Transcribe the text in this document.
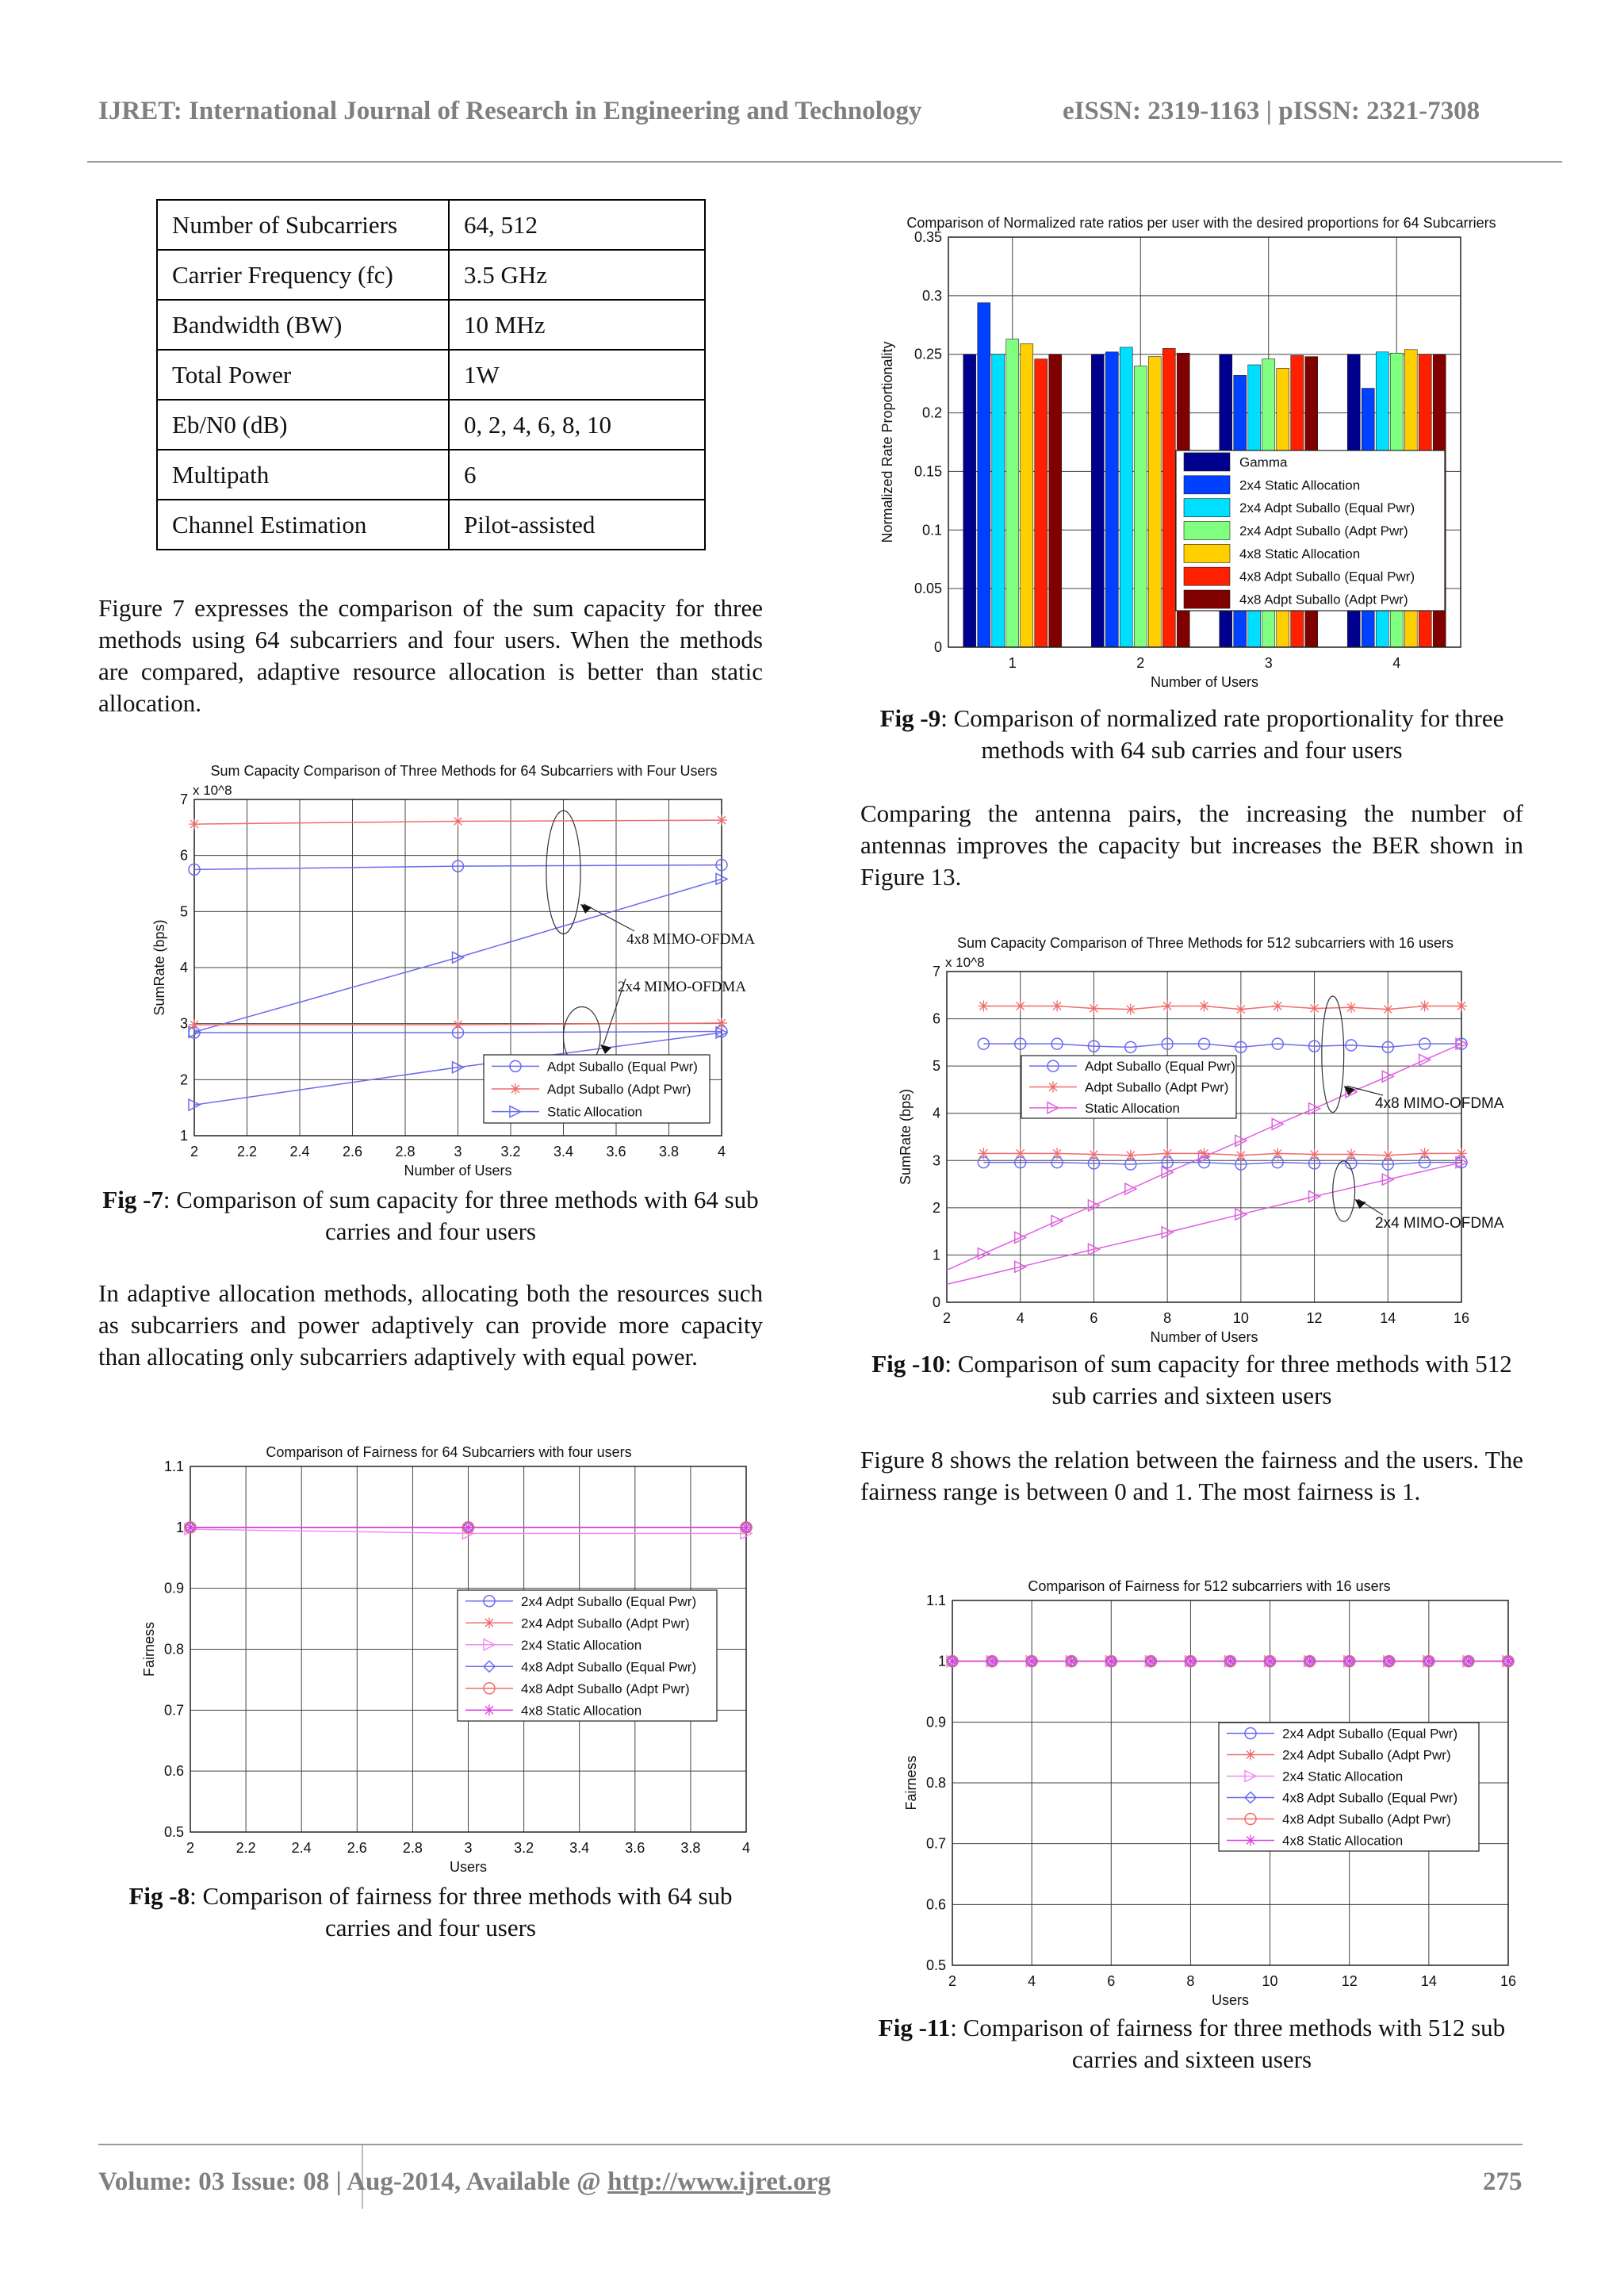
IJRET: International Journal of Research in Engineering and Technology	eISSN: 2319-1163 | pISSN: 2321-7308
Number of Subcarriers	64, 512
Carrier Frequency (fc)	3.5 GHz
Bandwidth (BW)	10 MHz
Total Power	1W
Eb/N0 (dB)	0, 2, 4, 6, 8, 10
Multipath	6
Channel Estimation	Pilot-assisted
Figure 7 expresses the comparison of the sum capacity for three methods using 64 subcarriers and four users. When the methods are compared, adaptive resource allocation is better than static allocation.
1
2
3
4
5
6
7
2	2.2 2.4 2.6 2.8	3	3.2 3.4 3.6 3.8	4
4x8 MIMO-OFDMA
2x4 MIMO-OFDMA
Sum Capacity Comparison of Three Methods for 64 Subcarriers with Four Users
x 10^8
Number of Users
SumRate (bps)
Adpt Suballo (Equal Pwr)
Adpt Suballo (Adpt Pwr)
Static Allocation
Fig -7: Comparison of sum capacity for three methods with 64 sub carries and four users
In adaptive allocation methods, allocating both the resources such as subcarriers and power adaptively can provide more capacity than allocating only subcarriers adaptively with equal power.
0.5
0.6
0.7
0.8
0.9
1
1.1
2	2.2	2.4	2.6	2.8	3	3.2	3.4	3.6	3.8	4
Comparison of Fairness for 64 Subcarriers with four users
Users
Fairness
2x4 Adpt Suballo (Equal Pwr)
2x4 Adpt Suballo (Adpt Pwr)
2x4 Static Allocation
4x8 Adpt Suballo (Equal Pwr)
4x8 Adpt Suballo (Adpt Pwr)
4x8 Static Allocation
Fig -8: Comparison of fairness for three methods with 64 sub carries and four users
0
0.05
0.1
0.15
0.2
0.25
0.3
0.35
1	2	3	4
Comparison of Normalized rate ratios per user with the desired proportions for 64 Subcarriers
Number of Users
Normalized Rate Proportionality	Gamma
2x4 Static Allocation
2x4 Adpt Suballo (Equal Pwr)
2x4 Adpt Suballo (Adpt Pwr)
4x8 Static Allocation
4x8 Adpt Suballo (Equal Pwr)
4x8 Adpt Suballo (Adpt Pwr)
Fig -9: Comparison of normalized rate proportionality for three methods with 64 sub carries and four users
Comparing the antenna pairs, the increasing the number of antennas improves the capacity but increases the BER shown in Figure 13.
0
1
2
3
4
5
6
7
2	4	6	8	10	12	14	16
4x8 MIMO-OFDMA
2x4 MIMO-OFDMA
Sum Capacity Comparison of Three Methods for 512 subcarriers with 16 users
x 10^8
Number of Users
SumRate (bps)
Adpt Suballo (Equal Pwr)
Adpt Suballo (Adpt Pwr)
Static Allocation
Fig -10: Comparison of sum capacity for three methods with 512 sub carries and sixteen users
Figure 8 shows the relation between the fairness and the users. The fairness range is between 0 and 1. The most fairness is 1.
0.5
0.6
0.7
0.8
0.9
1
1.1
2	4	6	8	10	12	14	16
Comparison of Fairness for 512 subcarriers with 16 users
Users
Fairness
2x4 Adpt Suballo (Equal Pwr)
2x4 Adpt Suballo (Adpt Pwr)
2x4 Static Allocation
4x8 Adpt Suballo (Equal Pwr)
4x8 Adpt Suballo (Adpt Pwr)
4x8 Static Allocation
Fig -11: Comparison of fairness for three methods with 512 sub carries and sixteen users
Volume: 03 Issue: 08 | Aug-2014, Available @ http://www.ijret.org	275
